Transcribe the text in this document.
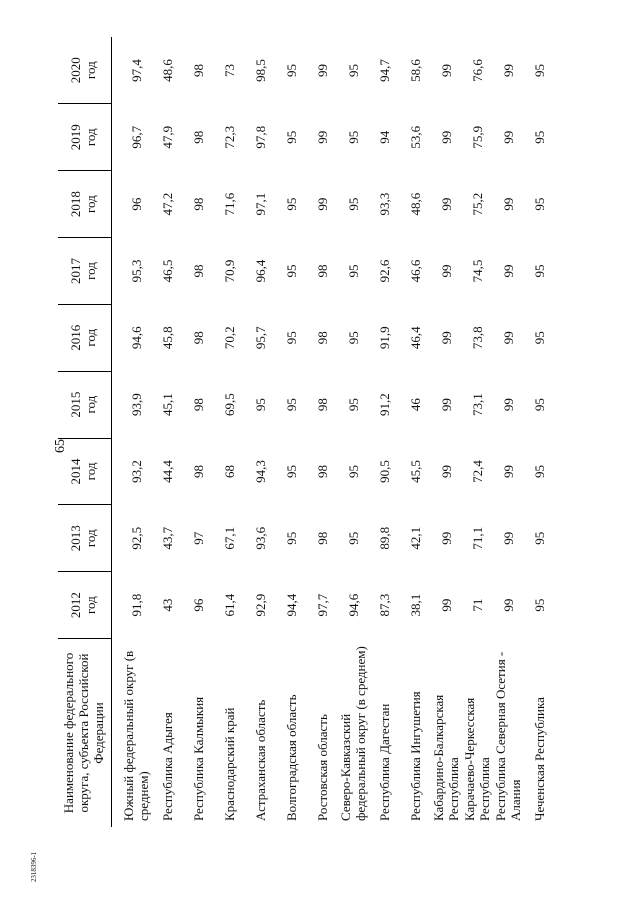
65
2318396-1
Наименование федерального округа, субъекта Российской Федерации	2012 год	2013 год	2014 год	2015 год	2016 год	2017 год	2018 год	2019 год	2020 год

Южный федеральный округ (в среднем)	91,8	92,5	93,2	93,9	94,6	95,3	96	96,7	97,4
Республика Адыгея	43	43,7	44,4	45,1	45,8	46,5	47,2	47,9	48,6
Республика Калмыкия	96	97	98	98	98	98	98	98	98
Краснодарский край	61,4	67,1	68	69,5	70,2	70,9	71,6	72,3	73
Астраханская область	92,9	93,6	94,3	95	95,7	96,4	97,1	97,8	98,5
Волгоградская область	94,4	95	95	95	95	95	95	95	95
Ростовская область	97,7	98	98	98	98	98	99	99	99
Северо-Кавказский федеральный округ (в среднем)	94,6	95	95	95	95	95	95	95	95
Республика Дагестан	87,3	89,8	90,5	91,2	91,9	92,6	93,3	94	94,7
Республика Ингушетия	38,1	42,1	45,5	46	46,4	46,6	48,6	53,6	58,6
Кабардино-Балкарская Республика	99	99	99	99	99	99	99	99	99
Карачаево-Черкесская Республика	71	71,1	72,4	73,1	73,8	74,5	75,2	75,9	76,6
Республика Северная Осетия - Алания	99	99	99	99	99	99	99	99	99
Чеченская Республика	95	95	95	95	95	95	95	95	95
